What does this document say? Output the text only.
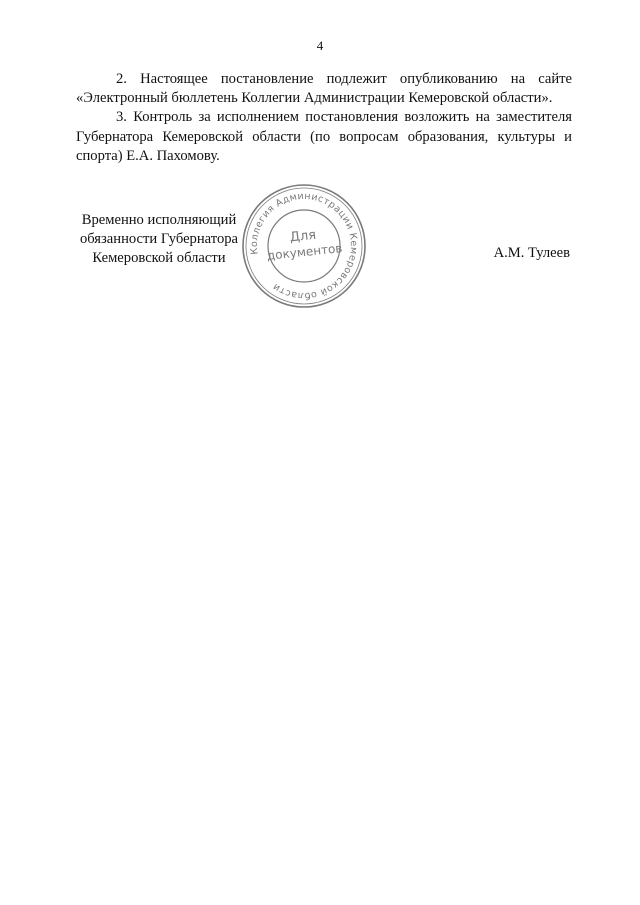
4

2. Настоящее постановление подлежит опубликованию на сайте «Электронный бюллетень Коллегии Администрации Кемеровской области».

3. Контроль за исполнением постановления возложить на заместителя Губернатора Кемеровской области (по вопросам образования, культуры и спорта) Е.А. Пахомову.

Временно исполняющий
обязанности Губернатора
Кемеровской области	Коллегия Администрации Кемеровской области
Для
документов	А.М. Тулеев
